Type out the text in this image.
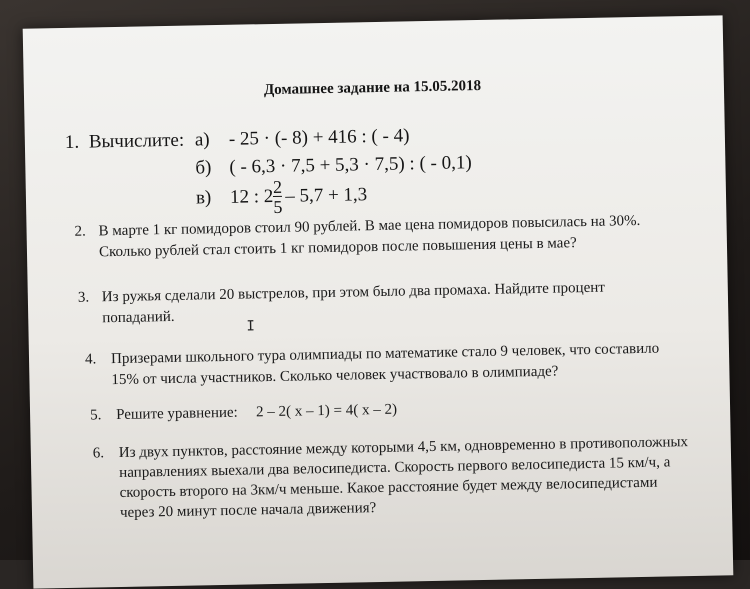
Домашнее задание на 15.05.2018
1. Вычислите: а) - 25 · (- 8) + 416 : ( - 4)
б) ( - 6,3 · 7,5 + 5,3 · 7,5) : ( - 0,1)
в) 12 : $2 \frac{2}{5} - 5,7 + 1,3$
2. В марте 1 кг помидоров стоил 90 рублей. В мае цена помидоров повысилась на 30%.
Сколько рублей стал стоить 1 кг помидоров после повышения цены в мае?
3. Из ружья сделали 20 выстрелов, при этом было два промаха. Найдите процент
попаданий.
I
4. Призерами школьного тура олимпиады по математике стало 9 человек, что составило
15% от числа участников. Сколько человек участвовало в олимпиаде?
5. Решите уравнение: 2 – 2( x – 1) = 4( x – 2)
6. Из двух пунктов, расстояние между которыми 4,5 км, одновременно в противоположных
направлениях выехали два велосипедиста. Скорость первого велосипедиста 15 км/ч, а
скорость второго на 3км/ч меньше. Какое расстояние будет между велосипедистами
через 20 минут после начала движения?
